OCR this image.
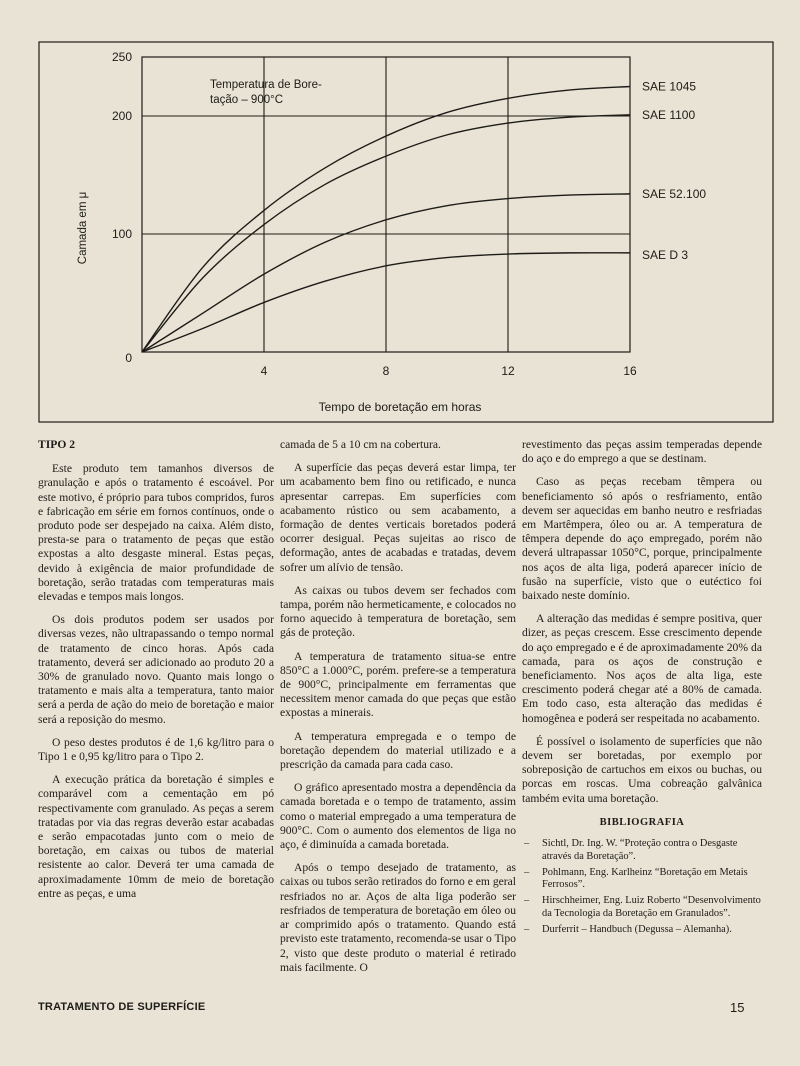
SAE 1045
SAE 1100
SAE 52.100
SAE D 3
4	8	12	16
0
100
200
250
Temperatura de Bore-
tação – 900°C
Tempo de boretação em horas
Camada em μ
TIPO 2

Este produto tem tamanhos diversos de granulação e após o tratamento é escoável. Por este motivo, é próprio para tubos compridos, furos e fabricação em série em fornos contínuos, onde o produto pode ser despejado na caixa. Além disto, presta-se para o tratamento de peças que estão expostas a alto desgaste mineral. Estas peças, devido à exigência de maior profundidade de boretação, serão tratadas com temperaturas mais elevadas e tempos mais longos.

Os dois produtos podem ser usados por diversas vezes, não ultrapassando o tempo normal de tratamento de cinco horas. Após cada tratamento, deverá ser adicionado ao produto 20 a 30% de granulado novo. Quanto mais longo o tratamento e mais alta a temperatura, tanto maior será a perda de ação do meio de boretação e maior será a reposição do mesmo.

O peso destes produtos é de 1,6 kg/litro para o Tipo 1 e 0,95 kg/litro para o Tipo 2.

A execução prática da boretação é simples e comparável com a cementação em pó respectivamente com granulado. As peças a serem tratadas por via das regras deverão estar acabadas e serão empacotadas junto com o meio de boretação, em caixas ou tubos de material resistente ao calor. Deverá ter uma camada de aproximadamente 10mm de meio de boretação entre as peças, e uma

camada de 5 a 10 cm na cobertura.

A superfície das peças deverá estar limpa, ter um acabamento bem fino ou retificado, e nunca apresentar carrepas. Em superfícies com acabamento rústico ou sem acabamento, a formação de dentes verticais boretados poderá ocorrer desigual. Peças sujeitas ao risco de deformação, antes de acabadas e tratadas, devem sofrer um alívio de tensão.

As caixas ou tubos devem ser fechados com tampa, porém não hermeticamente, e colocados no forno aquecido à temperatura de boretação, sem gás de proteção.

A temperatura de tratamento situa-se entre 850°C a 1.000°C, porém. prefere-se a temperatura de 900°C, principalmente em ferramentas que necessitem menor camada do que peças que estão expostas a minerais.

A temperatura empregada e o tempo de boretação dependem do material utilizado e a prescrição da camada para cada caso.

O gráfico apresentado mostra a dependência da camada boretada e o tempo de tratamento, assim como o material empregado a uma temperatura de 900°C. Com o aumento dos elementos de liga no aço, é diminuída a camada boretada.

Após o tempo desejado de tratamento, as caixas ou tubos serão retirados do forno e em geral resfriados no ar. Aços de alta liga poderão ser resfriados de temperatura de boretação em óleo ou ar comprimido após o tratamento. Quando está previsto este tratamento, recomenda-se usar o Tipo 2, visto que deste produto o material é retirado mais facilmente. O

revestimento das peças assim temperadas depende do aço e do emprego a que se destinam.

Caso as peças recebam têmpera ou beneficiamento só após o resfriamento, então devem ser aquecidas em banho neutro e resfriadas em Martêmpera, óleo ou ar. A temperatura de têmpera depende do aço empregado, porém não deverá ultrapassar 1050°C, porque, principalmente nos aços de alta liga, poderá aparecer início de fusão na superfície, visto que o eutéctico foi baixado neste domínio.

A alteração das medidas é sempre positiva, quer dizer, as peças crescem. Esse crescimento depende do aço empregado e é de aproximadamente 20% da camada, para os aços de construção e beneficiamento. Nos aços de alta liga, este crescimento poderá chegar até a 80% de camada. Em todo caso, esta alteração das medidas é homogênea e poderá ser respeitada no acabamento.

É possível o isolamento de superfícies que não devem ser boretadas, por exemplo por sobreposição de cartuchos em eixos ou buchas, ou porcas em roscas. Uma cobreação galvânica também evita uma boretação.

BIBLIOGRAFIA
– Sichtl, Dr. Ing. W. “Proteção contra o Desgaste através da Boretação”.
– Pohlmann, Eng. Karlheinz “Boretação em Metais Ferrosos”.
– Hirschheimer, Eng. Luiz Roberto “Desenvolvimento da Tecnologia da Boretação em Granulados”.
– Durferrit – Handbuch (Degussa – Alemanha).
TRATAMENTO DE SUPERFÍCIE	15
